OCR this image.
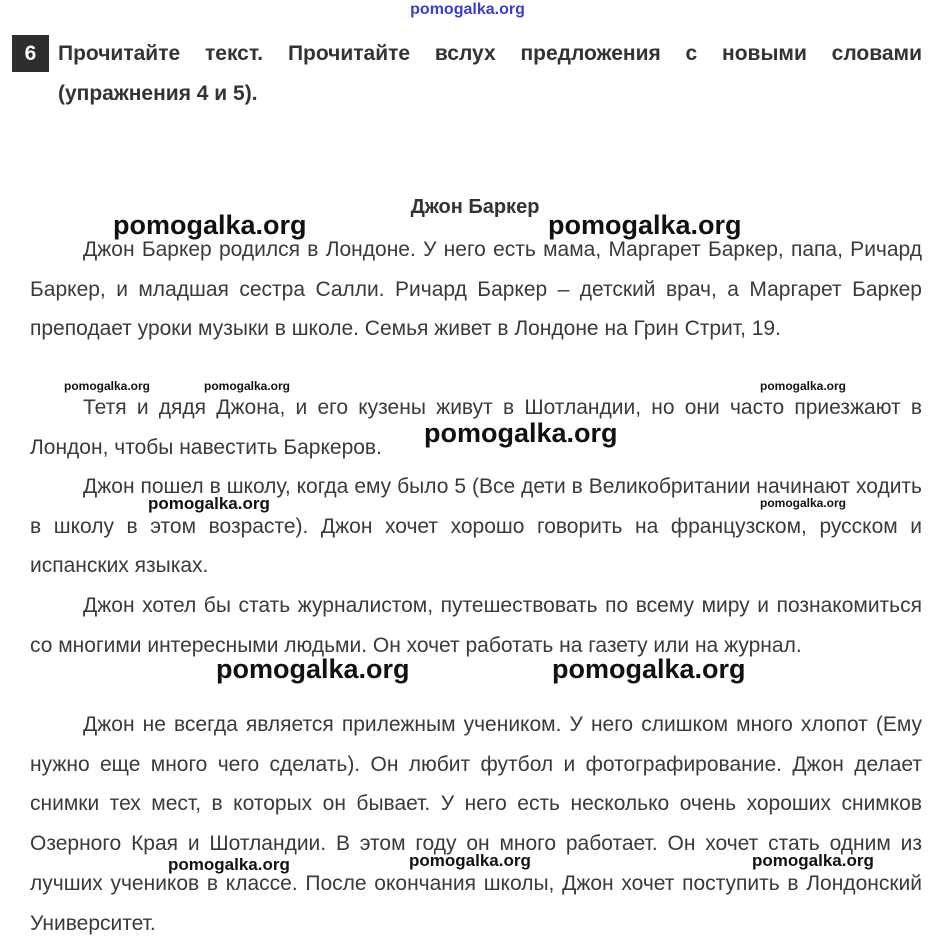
pomogalka.org
6	Прочитайте текст. Прочитайте вслух предложения с новыми словами (упражнения 4 и 5).
Джон Баркер

Джон Баркер родился в Лондоне. У него есть мама, Маргарет Баркер, папа, Ричард Баркер, и младшая сестра Салли. Ричард Баркер – детский врач, а Маргарет Баркер преподает уроки музыки в школе. Семья живет в Лондоне на Грин Стрит, 19.

Тетя и дядя Джона, и его кузены живут в Шотландии, но они часто приезжают в Лондон, чтобы навестить Баркеров.

Джон пошел в школу, когда ему было 5 (Все дети в Великобритании начинают ходить в школу в этом возрасте). Джон хочет хорошо говорить на французском, русском и испанских языках.

Джон хотел бы стать журналистом, путешествовать по всему миру и познакомиться со многими интересными людьми. Он хочет работать на газету или на журнал.

Джон не всегда является прилежным учеником. У него слишком много хлопот (Ему нужно еще много чего сделать). Он любит футбол и фотографирование. Джон делает снимки тех мест, в которых он бывает. У него есть несколько очень хороших снимков Озерного Края и Шотландии. В этом году он много работает. Он хочет стать одним из лучших учеников в классе. После окончания школы, Джон хочет поступить в Лондонский Университет.

pomogalka.org	pomogalka.org
pomogalka.org	pomogalka.org	pomogalka.org
pomogalka.org
pomogalka.org	pomogalka.org
pomogalka.org	pomogalka.org
pomogalka.org	pomogalka.org	pomogalka.org
